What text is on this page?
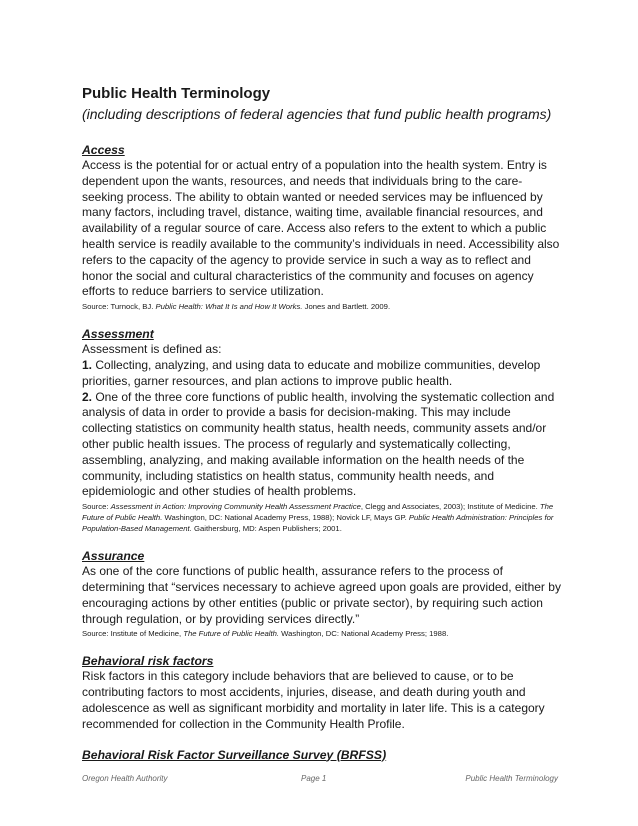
Public Health Terminology

(including descriptions of federal agencies that fund public health programs)

Access

Access is the potential for or actual entry of a population into the health system. Entry is dependent upon the wants, resources, and needs that individuals bring to the care-seeking process. The ability to obtain wanted or needed services may be influenced by many factors, including travel, distance, waiting time, available financial resources, and availability of a regular source of care. Access also refers to the extent to which a public health service is readily available to the community’s individuals in need. Accessibility also refers to the capacity of the agency to provide service in such a way as to reflect and honor the social and cultural characteristics of the community and focuses on agency efforts to reduce barriers to service utilization.

Source: Turnock, BJ. Public Health: What It Is and How It Works. Jones and Bartlett. 2009.

Assessment

Assessment is defined as:

1. Collecting, analyzing, and using data to educate and mobilize communities, develop priorities, garner resources, and plan actions to improve public health.

2. One of the three core functions of public health, involving the systematic collection and analysis of data in order to provide a basis for decision-making. This may include collecting statistics on community health status, health needs, community assets and/or other public health issues. The process of regularly and systematically collecting, assembling, analyzing, and making available information on the health needs of the community, including statistics on health status, community health needs, and epidemiologic and other studies of health problems.

Source: Assessment in Action: Improving Community Health Assessment Practice, Clegg and Associates, 2003); Institute of Medicine. The Future of Public Health. Washington, DC: National Academy Press, 1988); Novick LF, Mays GP. Public Health Administration: Principles for Population-Based Management. Gaithersburg, MD: Aspen Publishers; 2001.

Assurance

As one of the core functions of public health, assurance refers to the process of determining that “services necessary to achieve agreed upon goals are provided, either by encouraging actions by other entities (public or private sector), by requiring such action through regulation, or by providing services directly.”

Source: Institute of Medicine, The Future of Public Health. Washington, DC: National Academy Press; 1988.

Behavioral risk factors

Risk factors in this category include behaviors that are believed to cause, or to be contributing factors to most accidents, injuries, disease, and death during youth and adolescence as well as significant morbidity and mortality in later life. This is a category recommended for collection in the Community Health Profile.

Behavioral Risk Factor Surveillance Survey (BRFSS)

Oregon Health Authority	Page 1	Public Health Terminology
